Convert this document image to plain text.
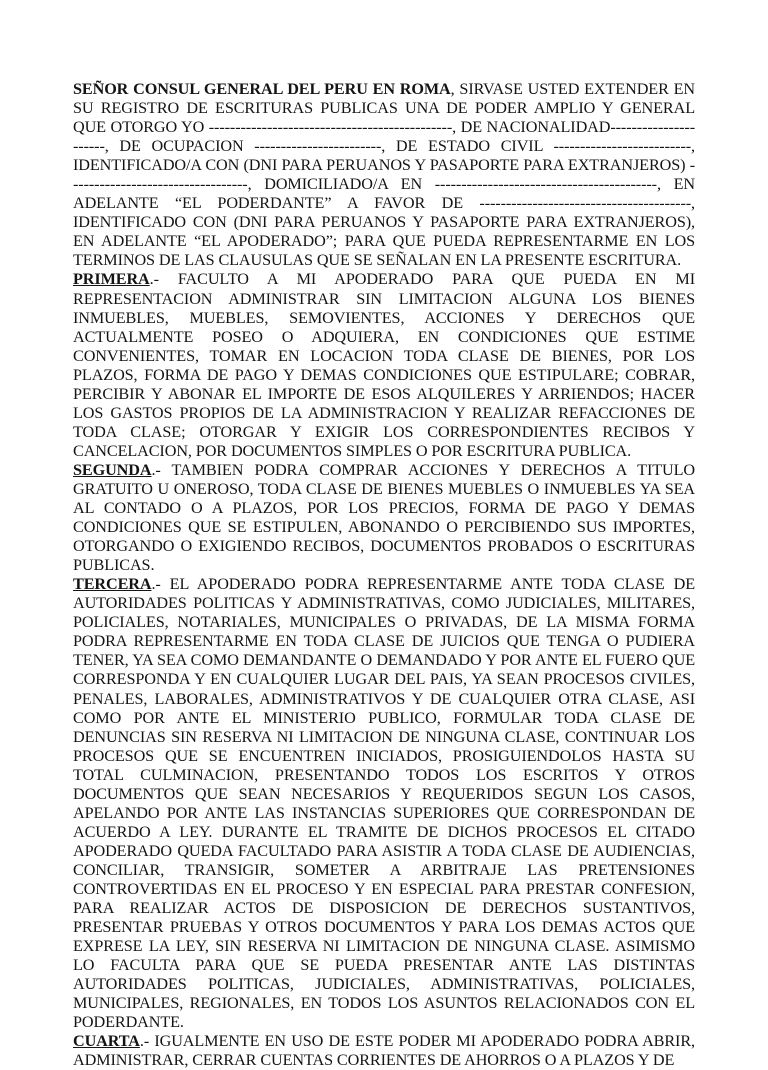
SEÑOR CONSUL GENERAL DEL PERU EN ROMA, SIRVASE USTED EXTENDER EN SU REGISTRO DE ESCRITURAS PUBLICAS UNA DE PODER AMPLIO Y GENERAL QUE OTORGO YO ----------------------------------------------, DE NACIONALIDAD----------------------, DE OCUPACION ------------------------, DE ESTADO CIVIL --------------------------, IDENTIFICADO/A CON (DNI PARA PERUANOS Y PASAPORTE PARA EXTRANJEROS) ----------------------------------, DOMICILIADO/A EN ------------------------------------------, EN ADELANTE “EL PODERDANTE” A FAVOR DE ----------------------------------------, IDENTIFICADO CON (DNI PARA PERUANOS Y PASAPORTE PARA EXTRANJEROS), EN ADELANTE “EL APODERADO”; PARA QUE PUEDA REPRESENTARME EN LOS TERMINOS DE LAS CLAUSULAS QUE SE SEÑALAN EN LA PRESENTE ESCRITURA.

PRIMERA.- FACULTO A MI APODERADO PARA QUE PUEDA EN MI REPRESENTACION ADMINISTRAR SIN LIMITACION ALGUNA LOS BIENES INMUEBLES, MUEBLES, SEMOVIENTES, ACCIONES Y DERECHOS QUE ACTUALMENTE POSEO O ADQUIERA, EN CONDICIONES QUE ESTIME CONVENIENTES, TOMAR EN LOCACION TODA CLASE DE BIENES, POR LOS PLAZOS, FORMA DE PAGO Y DEMAS CONDICIONES QUE ESTIPULARE; COBRAR, PERCIBIR Y ABONAR EL IMPORTE DE ESOS ALQUILERES Y ARRIENDOS; HACER LOS GASTOS PROPIOS DE LA ADMINISTRACION Y REALIZAR REFACCIONES DE TODA CLASE; OTORGAR Y EXIGIR LOS CORRESPONDIENTES RECIBOS Y CANCELACION, POR DOCUMENTOS SIMPLES O POR ESCRITURA PUBLICA.

SEGUNDA.- TAMBIEN PODRA COMPRAR ACCIONES Y DERECHOS A TITULO GRATUITO U ONEROSO, TODA CLASE DE BIENES MUEBLES O INMUEBLES YA SEA AL CONTADO O A PLAZOS, POR LOS PRECIOS, FORMA DE PAGO Y DEMAS CONDICIONES QUE SE ESTIPULEN, ABONANDO O PERCIBIENDO SUS IMPORTES, OTORGANDO O EXIGIENDO RECIBOS, DOCUMENTOS PROBADOS O ESCRITURAS PUBLICAS.

TERCERA.- EL APODERADO PODRA REPRESENTARME ANTE TODA CLASE DE AUTORIDADES POLITICAS Y ADMINISTRATIVAS, COMO JUDICIALES, MILITARES, POLICIALES, NOTARIALES, MUNICIPALES O PRIVADAS, DE LA MISMA FORMA PODRA REPRESENTARME EN TODA CLASE DE JUICIOS QUE TENGA O PUDIERA TENER, YA SEA COMO DEMANDANTE O DEMANDADO Y POR ANTE EL FUERO QUE CORRESPONDA Y EN CUALQUIER LUGAR DEL PAIS, YA SEAN PROCESOS CIVILES, PENALES, LABORALES, ADMINISTRATIVOS Y DE CUALQUIER OTRA CLASE, ASI COMO POR ANTE EL MINISTERIO PUBLICO, FORMULAR TODA CLASE DE DENUNCIAS SIN RESERVA NI LIMITACION DE NINGUNA CLASE, CONTINUAR LOS PROCESOS QUE SE ENCUENTREN INICIADOS, PROSIGUIENDOLOS HASTA SU TOTAL CULMINACION, PRESENTANDO TODOS LOS ESCRITOS Y OTROS DOCUMENTOS QUE SEAN NECESARIOS Y REQUERIDOS SEGUN LOS CASOS, APELANDO POR ANTE LAS INSTANCIAS SUPERIORES QUE CORRESPONDAN DE ACUERDO A LEY. DURANTE EL TRAMITE DE DICHOS PROCESOS EL CITADO APODERADO QUEDA FACULTADO PARA ASISTIR A TODA CLASE DE AUDIENCIAS, CONCILIAR, TRANSIGIR, SOMETER A ARBITRAJE LAS PRETENSIONES CONTROVERTIDAS EN EL PROCESO Y EN ESPECIAL PARA PRESTAR CONFESION, PARA REALIZAR ACTOS DE DISPOSICION DE DERECHOS SUSTANTIVOS, PRESENTAR PRUEBAS Y OTROS DOCUMENTOS Y PARA LOS DEMAS ACTOS QUE EXPRESE LA LEY, SIN RESERVA NI LIMITACION DE NINGUNA CLASE. ASIMISMO LO FACULTA PARA QUE SE PUEDA PRESENTAR ANTE LAS DISTINTAS AUTORIDADES POLITICAS, JUDICIALES, ADMINISTRATIVAS, POLICIALES, MUNICIPALES, REGIONALES, EN TODOS LOS ASUNTOS RELACIONADOS CON EL PODERDANTE.

CUARTA.- IGUALMENTE EN USO DE ESTE PODER MI APODERADO PODRA ABRIR, ADMINISTRAR, CERRAR CUENTAS CORRIENTES DE AHORROS O A PLAZOS Y DE
